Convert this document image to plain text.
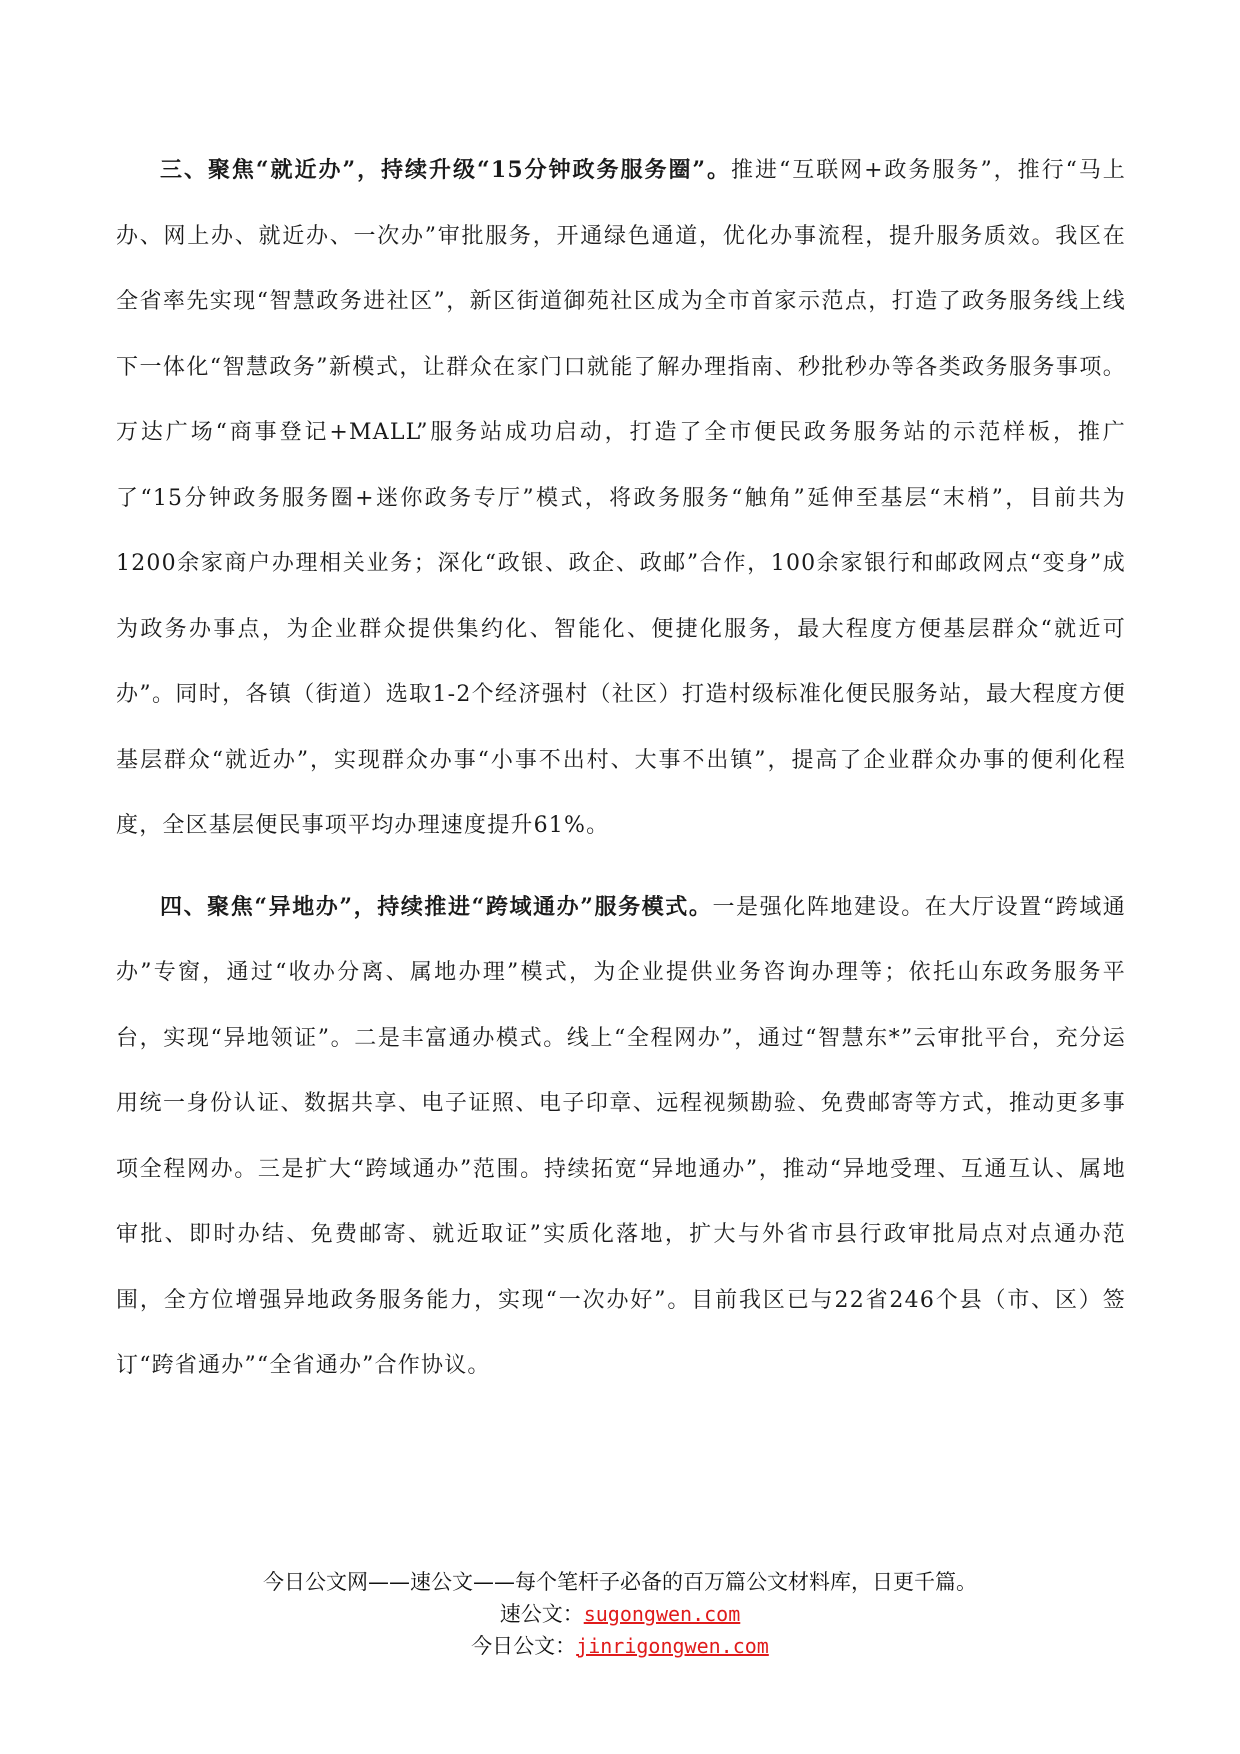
三、聚焦“就近办”，持续升级“15分钟政务服务圈”。推进“互联网+政务服务”，推行“马上办、网上办、就近办、一次办”审批服务，开通绿色通道，优化办事流程，提升服务质效。我区在全省率先实现“智慧政务进社区”，新区街道御苑社区成为全市首家示范点，打造了政务服务线上线下一体化“智慧政务”新模式，让群众在家门口就能了解办理指南、秒批秒办等各类政务服务事项。万达广场“商事登记+MALL”服务站成功启动，打造了全市便民政务服务站的示范样板，推广了“15分钟政务服务圈+迷你政务专厅”模式，将政务服务“触角”延伸至基层“末梢”，目前共为1200余家商户办理相关业务；深化“政银、政企、政邮”合作，100余家银行和邮政网点“变身”成为政务办事点，为企业群众提供集约化、智能化、便捷化服务，最大程度方便基层群众“就近可办”。同时，各镇（街道）选取1-2个经济强村（社区）打造村级标准化便民服务站，最大程度方便基层群众“就近办”，实现群众办事“小事不出村、大事不出镇”，提高了企业群众办事的便利化程度，全区基层便民事项平均办理速度提升61%。

四、聚焦“异地办”，持续推进“跨域通办”服务模式。一是强化阵地建设。在大厅设置“跨域通办”专窗，通过“收办分离、属地办理”模式，为企业提供业务咨询办理等；依托山东政务服务平台，实现“异地领证”。二是丰富通办模式。线上“全程网办”，通过“智慧东*”云审批平台，充分运用统一身份认证、数据共享、电子证照、电子印章、远程视频勘验、免费邮寄等方式，推动更多事项全程网办。三是扩大“跨域通办”范围。持续拓宽“异地通办”，推动“异地受理、互通互认、属地审批、即时办结、免费邮寄、就近取证”实质化落地，扩大与外省市县行政审批局点对点通办范围，全方位增强异地政务服务能力，实现“一次办好”。目前我区已与22省246个县（市、区）签订“跨省通办”“全省通办”合作协议。

今日公文网——速公文——每个笔杆子必备的百万篇公文材料库，日更千篇。
速公文：sugongwen.com
今日公文：jinrigongwen.com
